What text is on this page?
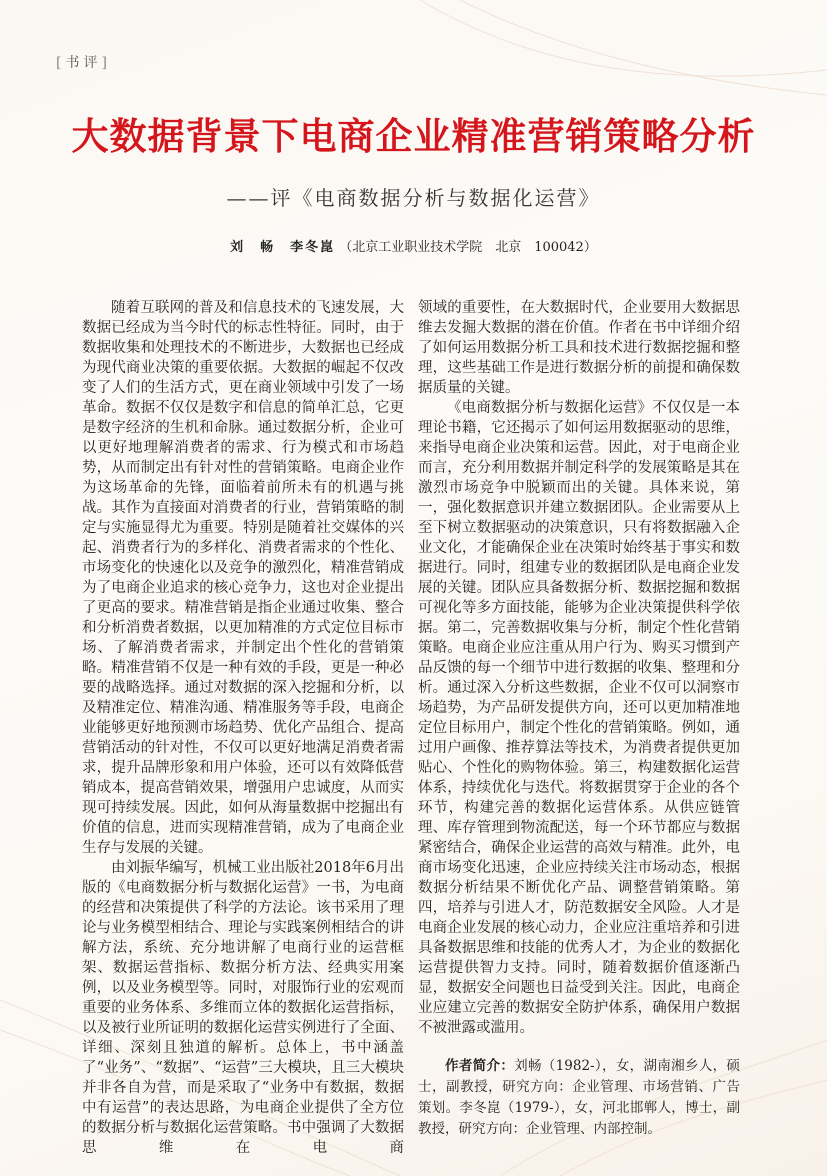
[书评]
大数据背景下电商企业精准营销策略分析
——评《电商数据分析与数据化运营》
刘　畅　李冬崑 （北京工业职业技术学院　北京　100042）

随着互联网的普及和信息技术的飞速发展，大数据已经成为当今时代的标志性特征。同时，由于数据收集和处理技术的不断进步，大数据也已经成为现代商业决策的重要依据。大数据的崛起不仅改变了人们的生活方式，更在商业领域中引发了一场革命。数据不仅仅是数字和信息的简单汇总，它更是数字经济的生机和命脉。通过数据分析，企业可以更好地理解消费者的需求、行为模式和市场趋势，从而制定出有针对性的营销策略。电商企业作为这场革命的先锋，面临着前所未有的机遇与挑战。其作为直接面对消费者的行业，营销策略的制定与实施显得尤为重要。特别是随着社交媒体的兴起、消费者行为的多样化、消费者需求的个性化、市场变化的快速化以及竞争的激烈化，精准营销成为了电商企业追求的核心竞争力，这也对企业提出了更高的要求。精准营销是指企业通过收集、整合和分析消费者数据，以更加精准的方式定位目标市场、了解消费者需求，并制定出个性化的营销策略。精准营销不仅是一种有效的手段，更是一种必要的战略选择。通过对数据的深入挖掘和分析，以及精准定位、精准沟通、精准服务等手段，电商企业能够更好地预测市场趋势、优化产品组合、提高营销活动的针对性，不仅可以更好地满足消费者需求，提升品牌形象和用户体验，还可以有效降低营销成本，提高营销效果，增强用户忠诚度，从而实现可持续发展。因此，如何从海量数据中挖掘出有价值的信息，进而实现精准营销，成为了电商企业生存与发展的关键。

由刘振华编写，机械工业出版社2018年6月出版的《电商数据分析与数据化运营》一书，为电商的经营和决策提供了科学的方法论。该书采用了理论与业务模型相结合、理论与实践案例相结合的讲解方法，系统、充分地讲解了电商行业的运营框架、数据运营指标、数据分析方法、经典实用案例，以及业务模型等。同时，对服饰行业的宏观而重要的业务体系、多维而立体的数据化运营指标，以及被行业所证明的数据化运营实例进行了全面、详细、深刻且独道的解析。总体上，书中涵盖了“业务”、“数据”、“运营”三大模块，且三大模块并非各自为营，而是采取了“业务中有数据，数据中有运营”的表达思路，为电商企业提供了全方位的数据分析与数据化运营策略。书中强调了大数据思维在电商

领域的重要性，在大数据时代，企业要用大数据思维去发掘大数据的潜在价值。作者在书中详细介绍了如何运用数据分析工具和技术进行数据挖掘和整理，这些基础工作是进行数据分析的前提和确保数据质量的关键。

《电商数据分析与数据化运营》不仅仅是一本理论书籍，它还揭示了如何运用数据驱动的思维，来指导电商企业决策和运营。因此，对于电商企业而言，充分利用数据并制定科学的发展策略是其在激烈市场竞争中脱颖而出的关键。具体来说，第一，强化数据意识并建立数据团队。企业需要从上至下树立数据驱动的决策意识，只有将数据融入企业文化，才能确保企业在决策时始终基于事实和数据进行。同时，组建专业的数据团队是电商企业发展的关键。团队应具备数据分析、数据挖掘和数据可视化等多方面技能，能够为企业决策提供科学依据。第二，完善数据收集与分析，制定个性化营销策略。电商企业应注重从用户行为、购买习惯到产品反馈的每一个细节中进行数据的收集、整理和分析。通过深入分析这些数据，企业不仅可以洞察市场趋势，为产品研发提供方向，还可以更加精准地定位目标用户，制定个性化的营销策略。例如，通过用户画像、推荐算法等技术，为消费者提供更加贴心、个性化的购物体验。第三，构建数据化运营体系，持续优化与迭代。将数据贯穿于企业的各个环节，构建完善的数据化运营体系。从供应链管理、库存管理到物流配送，每一个环节都应与数据紧密结合，确保企业运营的高效与精准。此外，电商市场变化迅速，企业应持续关注市场动态，根据数据分析结果不断优化产品、调整营销策略。第四，培养与引进人才，防范数据安全风险。人才是电商企业发展的核心动力，企业应注重培养和引进具备数据思维和技能的优秀人才，为企业的数据化运营提供智力支持。同时，随着数据价值逐渐凸显，数据安全问题也日益受到关注。因此，电商企业应建立完善的数据安全防护体系，确保用户数据不被泄露或滥用。

作者简介：刘畅（1982-），女，湖南湘乡人，硕士，副教授，研究方向：企业管理、市场营销、广告策划。李冬崑（1979-），女，河北邯郸人，博士，副教授，研究方向：企业管理、内部控制。
